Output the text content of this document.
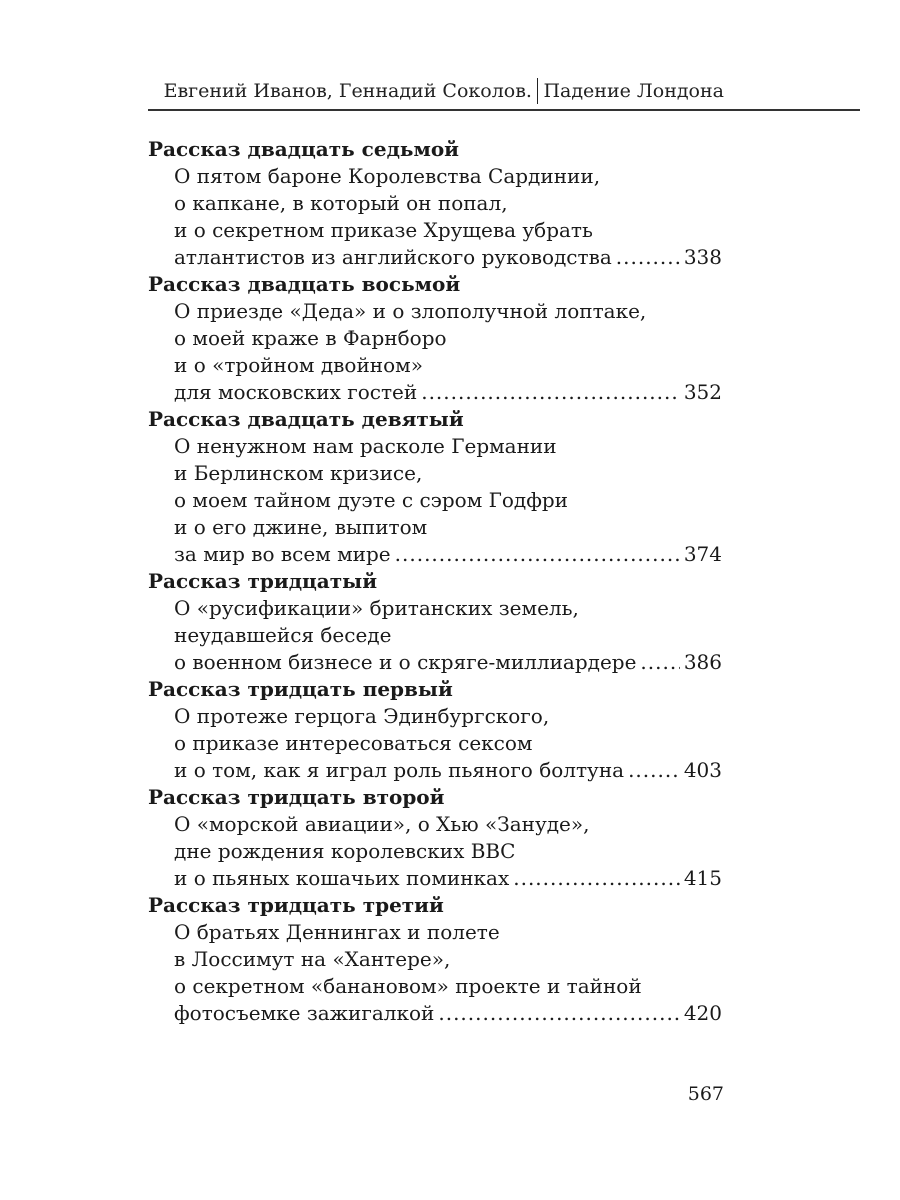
Евгений Иванов, Геннадий Соколов. Падение Лондона
Рассказ двадцать седьмой
О пятом бароне Королевства Сардинии,
о капкане, в который он попал,
и о секретном приказе Хрущева убрать
атлантистов из английского руководства .....	338
Рассказ двадцать восьмой
О приезде «Деда» и о злополучной лоптаке,
о моей краже в Фарнборо
и о «тройном двойном»
для московских гостей .....	352
Рассказ двадцать девятый
О ненужном нам расколе Германии
и Берлинском кризисе,
о моем тайном дуэте с сэром Годфри
и о его джине, выпитом
за мир во всем мире .....	374
Рассказ тридцатый
О «русификации» британских земель,
неудавшейся беседе
о военном бизнесе и о скряге-миллиардере ..... 386
Рассказ тридцать первый
О протеже герцога Эдинбургского,
о приказе интересоваться сексом
и о том, как я играл роль пьяного болтуна .....	403
Рассказ тридцать второй
О «морской авиации», о Хью «Зануде»,
дне рождения королевских ВВС
и о пьяных кошачьих поминках .....	415
Рассказ тридцать третий
О братьях Деннингах и полете
в Лоссимут на «Хантере»,
о секретном «банановом» проекте и тайной
фотосъемке зажигалкой .....	420
567
